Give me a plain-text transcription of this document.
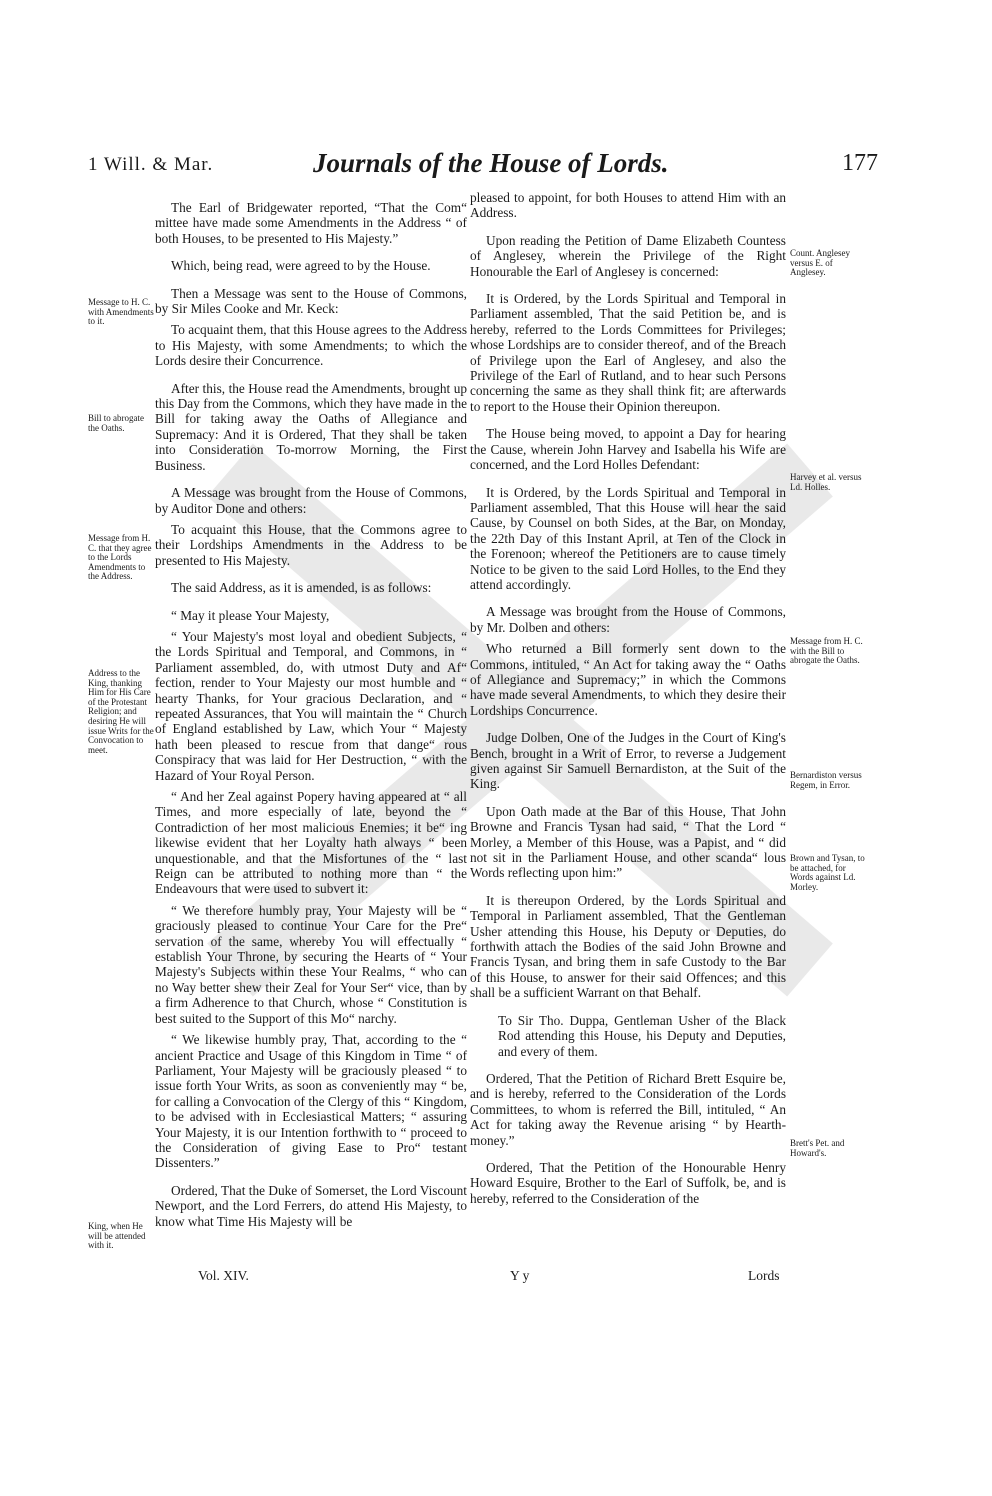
1 Will. & Mar.	Journals of the House of Lords.	177

The Earl of Bridgewater reported, “That the Com“ mittee have made some Amendments in the Address “ of both Houses, to be presented to His Majesty.”

Which, being read, were agreed to by the House.

Then a Message was sent to the House of Commons, by Sir Miles Cooke and Mr. Keck:

To acquaint them, that this House agrees to the Address to His Majesty, with some Amendments; to which the Lords desire their Concurrence.

After this, the House read the Amendments, brought up this Day from the Commons, which they have made in the Bill for taking away the Oaths of Allegiance and Supremacy: And it is Ordered, That they shall be taken into Consideration To-morrow Morning, the First Business.

A Message was brought from the House of Commons, by Auditor Done and others:

To acquaint this House, that the Commons agree to their Lordships Amendments in the Address to be presented to His Majesty.

The said Address, as it is amended, is as follows:

“ May it please Your Majesty,

“ Your Majesty's most loyal and obedient Subjects, “ the Lords Spiritual and Temporal, and Commons, in “ Parliament assembled, do, with utmost Duty and Af“ fection, render to Your Majesty our most humble and “ hearty Thanks, for Your gracious Declaration, and “ repeated Assurances, that You will maintain the “ Church of England established by Law, which Your “ Majesty hath been pleased to rescue from that dange“ rous Conspiracy that was laid for Her Destruction, “ with the Hazard of Your Royal Person.

“ And her Zeal against Popery having appeared at “ all Times, and more especially of late, beyond the “ Contradiction of her most malicious Enemies; it be“ ing likewise evident that her Loyalty hath always “ been unquestionable, and that the Misfortunes of the “ last Reign can be attributed to nothing more than “ the Endeavours that were used to subvert it:

“ We therefore humbly pray, Your Majesty will be “ graciously pleased to continue Your Care for the Pre“ servation of the same, whereby You will effectually “ establish Your Throne, by securing the Hearts of “ Your Majesty's Subjects within these Your Realms, “ who can no Way better shew their Zeal for Your Ser“ vice, than by a firm Adherence to that Church, whose “ Constitution is best suited to the Support of this Mo“ narchy.

“ We likewise humbly pray, That, according to the “ ancient Practice and Usage of this Kingdom in Time “ of Parliament, Your Majesty will be graciously pleased “ to issue forth Your Writs, as soon as conveniently may “ be, for calling a Convocation of the Clergy of this “ Kingdom, to be advised with in Ecclesiastical Matters; “ assuring Your Majesty, it is our Intention forthwith to “ proceed to the Consideration of giving Ease to Pro“ testant Dissenters.”

Ordered, That the Duke of Somerset, the Lord Viscount Newport, and the Lord Ferrers, do attend His Majesty, to know what Time His Majesty will be

pleased to appoint, for both Houses to attend Him with an Address.

Upon reading the Petition of Dame Elizabeth Countess of Anglesey, wherein the Privilege of the Right Honourable the Earl of Anglesey is concerned:

It is Ordered, by the Lords Spiritual and Temporal in Parliament assembled, That the said Petition be, and is hereby, referred to the Lords Committees for Privileges; whose Lordships are to consider thereof, and of the Breach of Privilege upon the Earl of Anglesey, and also the Privilege of the Earl of Rutland, and to hear such Persons concerning the same as they shall think fit; are afterwards to report to the House their Opinion thereupon.

The House being moved, to appoint a Day for hearing the Cause, wherein John Harvey and Isabella his Wife are concerned, and the Lord Holles Defendant:

It is Ordered, by the Lords Spiritual and Temporal in Parliament assembled, That this House will hear the said Cause, by Counsel on both Sides, at the Bar, on Monday, the 22th Day of this Instant April, at Ten of the Clock in the Forenoon; whereof the Petitioners are to cause timely Notice to be given to the said Lord Holles, to the End they attend accordingly.

A Message was brought from the House of Commons, by Mr. Dolben and others:

Who returned a Bill formerly sent down to the Commons, intituled, “ An Act for taking away the “ Oaths of Allegiance and Supremacy;” in which the Commons have made several Amendments, to which they desire their Lordships Concurrence.

Judge Dolben, One of the Judges in the Court of King's Bench, brought in a Writ of Error, to reverse a Judgement given against Sir Samuell Bernardiston, at the Suit of the King.

Upon Oath made at the Bar of this House, That John Browne and Francis Tysan had said, “ That the Lord “ Morley, a Member of this House, was a Papist, and “ did not sit in the Parliament House, and other scanda“ lous Words reflecting upon him:”

It is thereupon Ordered, by the Lords Spiritual and Temporal in Parliament assembled, That the Gentleman Usher attending this House, his Deputy or Deputies, do forthwith attach the Bodies of the said John Browne and Francis Tysan, and bring them in safe Custody to the Bar of this House, to answer for their said Offences; and this shall be a sufficient Warrant on that Behalf.

To Sir Tho. Duppa, Gentleman Usher of the Black Rod attending this House, his Deputy and Deputies, and every of them.

Ordered, That the Petition of Richard Brett Esquire be, and is hereby, referred to the Consideration of the Lords Committees, to whom is referred the Bill, intituled, “ An Act for taking away the Revenue arising “ by Hearth-money.”

Ordered, That the Petition of the Honourable Henry Howard Esquire, Brother to the Earl of Suffolk, be, and is hereby, referred to the Consideration of the

Message to H. C. with Amendments to it.
Bill to abrogate the Oaths.
Message from H. C. that they agree to the Lords Amendments to the Address.
Address to the King, thanking Him for His Care of the Protestant Religion; and desiring He will issue Writs for the Convocation to meet.
King, when He will be attended with it.
Count. Anglesey versus E. of Anglesey.
Harvey et al. versus Ld. Holles.
Message from H. C. with the Bill to abrogate the Oaths.
Bernardiston versus Regem, in Error.
Brown and Tysan, to be attached, for Words against Ld. Morley.
Brett's Pet. and Howard's.
Vol. XIV.	Y y	Lords
